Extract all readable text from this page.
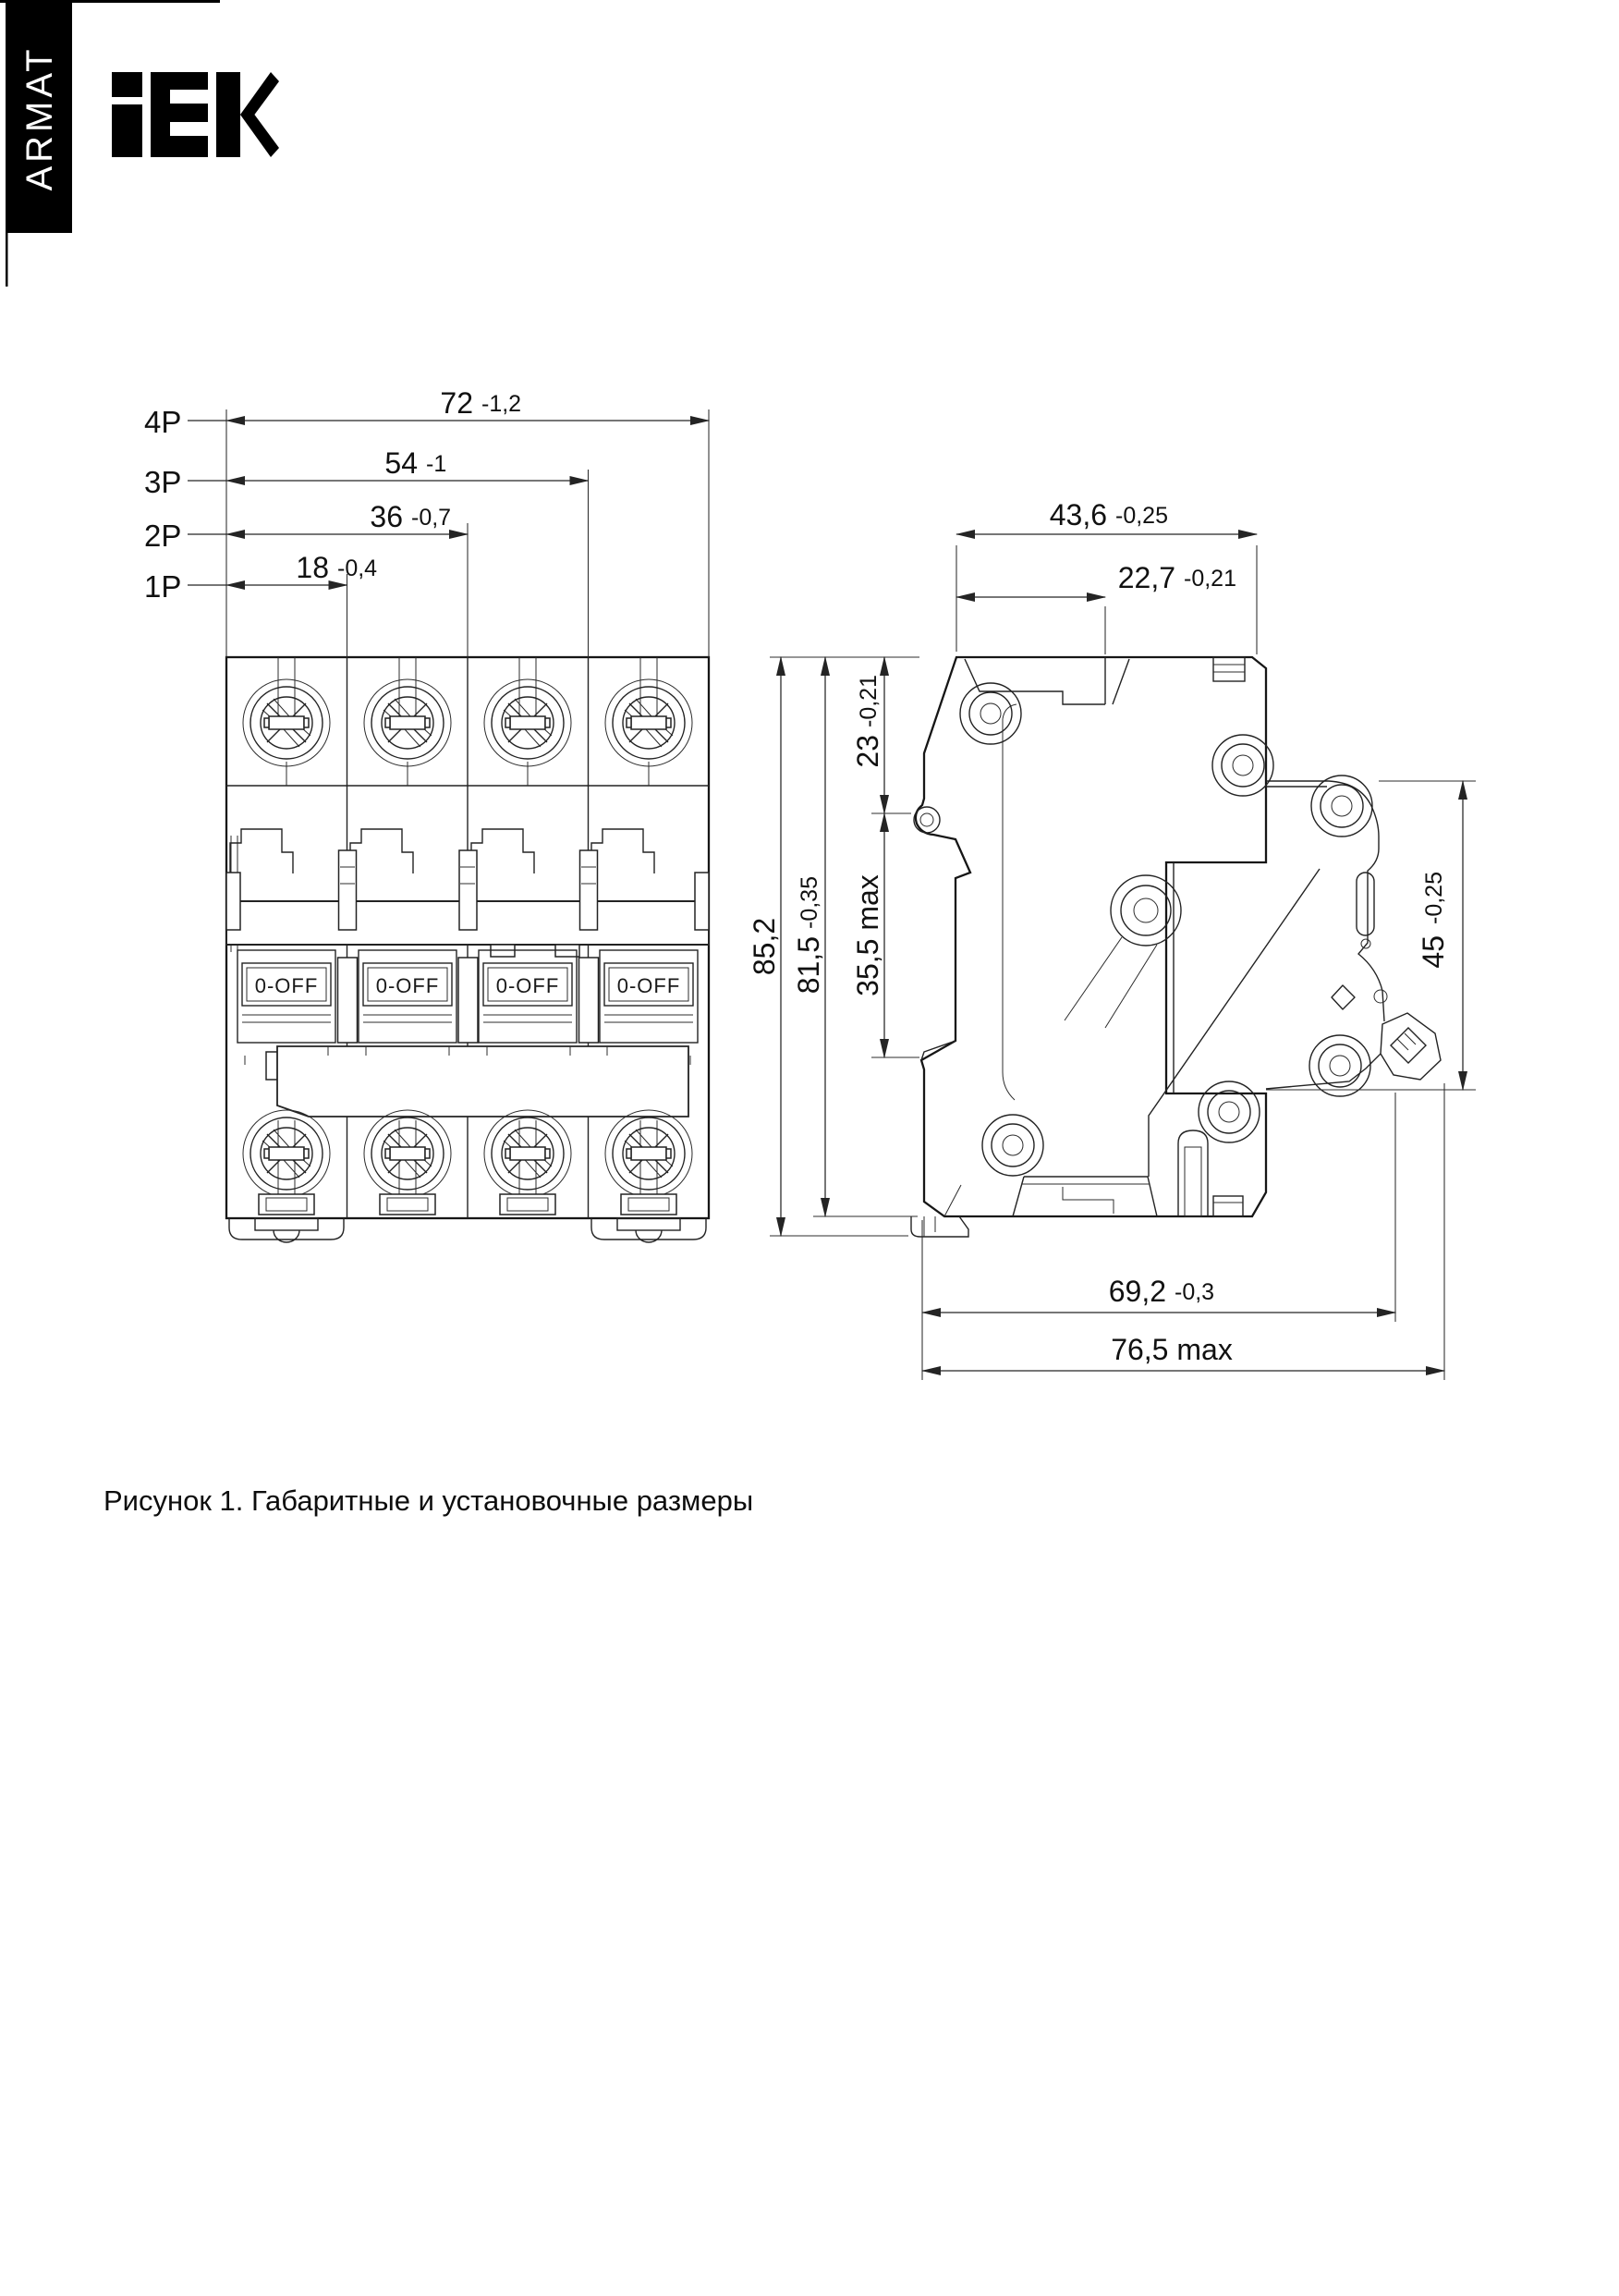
ARMAT
0-OFF	0-OFF	0-OFF	0-OFF
4P
72 -1,2
3P
54 -1
2P
36 -0,7
1P
18 -0,4
43,6 -0,25
22,7 -0,21
85,2 81,5
-0,35
23
-0,21
35,5 max	45
-0,25
69,2 -0,3
76,5 max
Рисунок 1. Габаритные и установочные размеры
